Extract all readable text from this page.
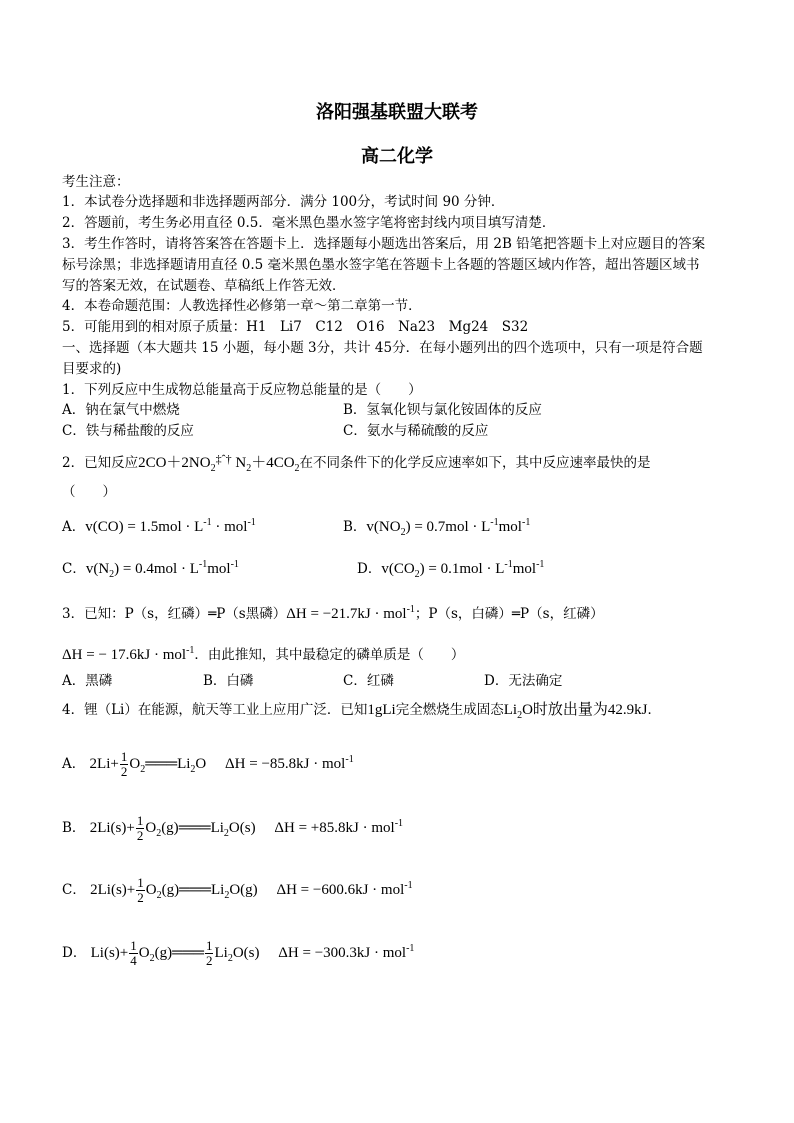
洛阳强基联盟大联考
高二化学
考生注意：
1．本试卷分选择题和非选择题两部分．满分 100分，考试时间 90 分钟．
2．答题前，考生务必用直径 0.5．毫米黑色墨水签字笔将密封线内项目填写清楚．
3．考生作答时，请将答案答在答题卡上．选择题每小题选出答案后，用 2B 铅笔把答题卡上对应题目的答案
标号涂黑；非选择题请用直径 0.5 毫米黑色墨水签字笔在答题卡上各题的答题区域内作答，超出答题区域书
写的答案无效，在试题卷、草稿纸上作答无效．
4．本卷命题范围：人教选择性必修第一章～第二章第一节．
5．可能用到的相对原子质量：H1　Li7　C12　O16　Na23　Mg24　S32
一、选择题（本大题共 15 小题，每小题 3分，共计 45分．在每小题列出的四个选项中，只有一项是符合题
目要求的)
1．下列反应中生成物总能量高于反应物总能量的是（　　）
A．钠在氯气中燃烧	B．氢氧化钡与氯化铵固体的反应
C．铁与稀盐酸的反应	C．氨水与稀硫酸的反应
2．已知反应$2CO+2NO_2^{\ddagger ˆ\dagger}$ $N_2+4CO_2$在不同条件下的化学反应速率如下，其中反应速率最快的是
（　　）
A．$v(CO) = 1.5mol \cdot L^{-1} \cdot mol^{-1}$	B．$v(NO_2) = 0.7mol \cdot L^{-1}mol^{-1}$
C．$v(N_2) = 0.4mol \cdot L^{-1}mol^{-1}$	D．$v(CO_2) = 0.1mol \cdot L^{-1}mol^{-1}$
3．已知：P（s，红磷）═P（s黑磷）ΔH = −21.7kJ · mol$^{-1}$；P（s，白磷）═P（s，红磷）
ΔH = − 17.6kJ · mol$^{-1}$．由此推知，其中最稳定的磷单质是（　　）
A．黑磷	B．白磷	C．红磷	D．无法确定
4．锂（Li）在能源，航天等工业上应用广泛．已知1gLi完全燃烧生成固态$Li_2O$时放出量为42.9kJ．
A． $2Li+ \frac{1}{2}$ $O_2═══Li_2O$　 ΔH = −85.8kJ · mol$^{-1}$
B． $2Li(s)+ \frac{1}{2}$ $O_2(g)═══Li_2O(s)$　 ΔH = +85.8kJ · mol$^{-1}$
C． $2Li(s)+ \frac{1}{2}$ $O_2(g)═══Li_2O(g)$　 ΔH = −600.6kJ · mol$^{-1}$
D． $Li(s)+ \frac{1}{4}$ $O_2(g)═══ \frac{1}{2} Li_2O(s)$　 ΔH = −300.3kJ · mol$^{-1}$
